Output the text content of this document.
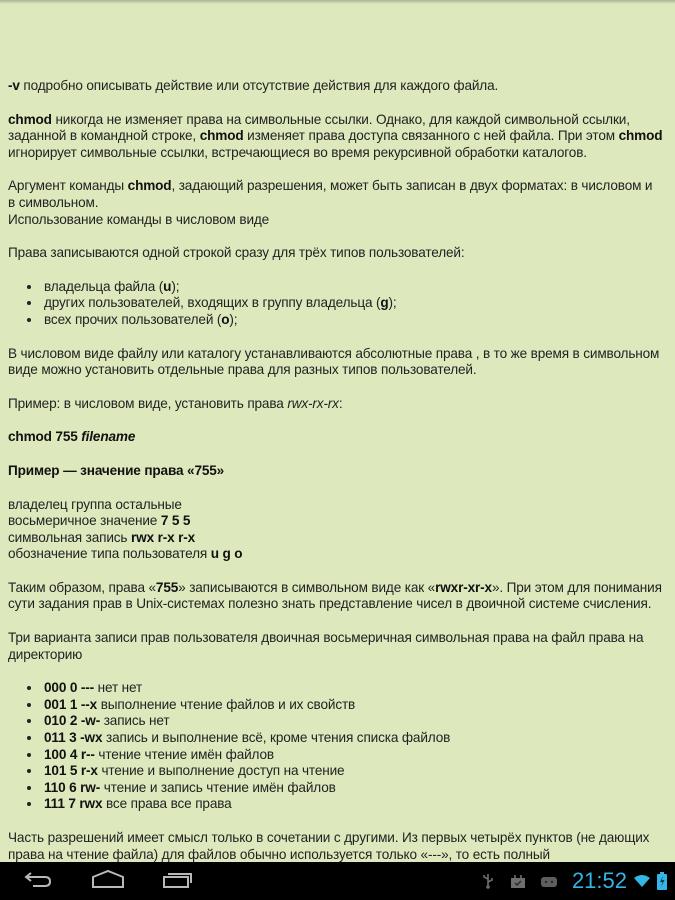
-v подробно описывать действие или отсутствие действия для каждого файла.

chmod никогда не изменяет права на символьные ссылки. Однако, для каждой символьной ссылки, заданной в командной строке, chmod изменяет права доступа связанного с ней файла. При этом chmod игнорирует символьные ссылки, встречающиеся во время рекурсивной обработки каталогов.

Аргумент команды chmod, задающий разрешения, может быть записан в двух форматах: в числовом и в символьном.
Использование команды в числовом виде

Права записываются одной строкой сразу для трёх типов пользователей:

• владельца файла (u);
• других пользователей, входящих в группу владельца (g);
• всех прочих пользователей (o);

В числовом виде файлу или каталогу устанавливаются абсолютные права , в то же время в символьном виде можно установить отдельные права для разных типов пользователей.

Пример: в числовом виде, установить права rwx-rx-rx:

chmod 755 filename

Пример — значение права «755»

владелец группа остальные
восьмеричное значение 7 5 5
символьная запись rwx r-x r-x
обозначение типа пользователя u g o

Таким образом, права «755» записываются в символьном виде как «rwxr-xr-x». При этом для понимания сути задания прав в Unix-системах полезно знать представление чисел в двоичной системе счисления.

Три варианта записи прав пользователя двоичная восьмеричная символьная права на файл права на директорию

• 000 0 --- нет нет
• 001 1 --x выполнение чтение файлов и их свойств
• 010 2 -w- запись нет
• 011 3 -wx запись и выполнение всё, кроме чтения списка файлов
• 100 4 r-- чтение чтение имён файлов
• 101 5 r-x чтение и выполнение доступ на чтение
• 110 6 rw- чтение и запись чтение имён файлов
• 111 7 rwx все права все права

Часть разрешений имеет смысл только в сочетании с другими. Из первых четырёх пунктов (не дающих права на чтение файла) для файлов обычно используется только «---», то есть полный

21:52
